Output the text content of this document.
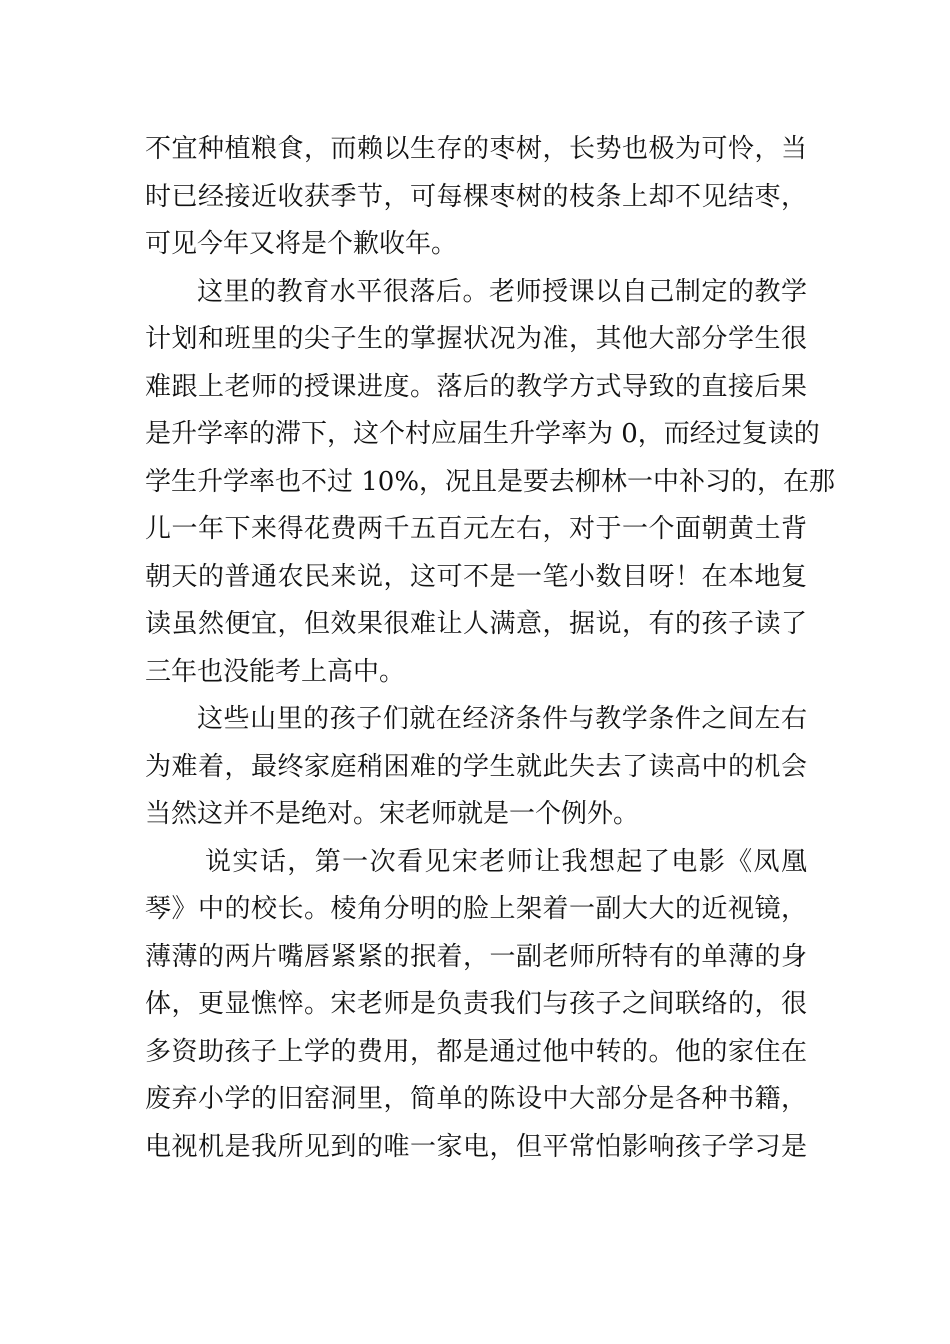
不宜种植粮食，而赖以生存的枣树，长势也极为可怜，当
时已经接近收获季节，可每棵枣树的枝条上却不见结枣，
可见今年又将是个歉收年。
这里的教育水平很落后。老师授课以自己制定的教学
计划和班里的尖子生的掌握状况为准，其他大部分学生很
难跟上老师的授课进度。落后的教学方式导致的直接后果
是升学率的滞下，这个村应届生升学率为 0，而经过复读的
学生升学率也不过 10%，况且是要去柳林一中补习的，在那
儿一年下来得花费两千五百元左右，对于一个面朝黄土背
朝天的普通农民来说，这可不是一笔小数目呀！在本地复
读虽然便宜，但效果很难让人满意，据说，有的孩子读了
三年也没能考上高中。
这些山里的孩子们就在经济条件与教学条件之间左右
为难着，最终家庭稍困难的学生就此失去了读高中的机会
当然这并不是绝对。宋老师就是一个例外。
说实话，第一次看见宋老师让我想起了电影《凤凰
琴》中的校长。棱角分明的脸上架着一副大大的近视镜，
薄薄的两片嘴唇紧紧的抿着，一副老师所特有的单薄的身
体，更显憔悴。宋老师是负责我们与孩子之间联络的，很
多资助孩子上学的费用，都是通过他中转的。他的家住在
废弃小学的旧窑洞里，简单的陈设中大部分是各种书籍，
电视机是我所见到的唯一家电，但平常怕影响孩子学习是
